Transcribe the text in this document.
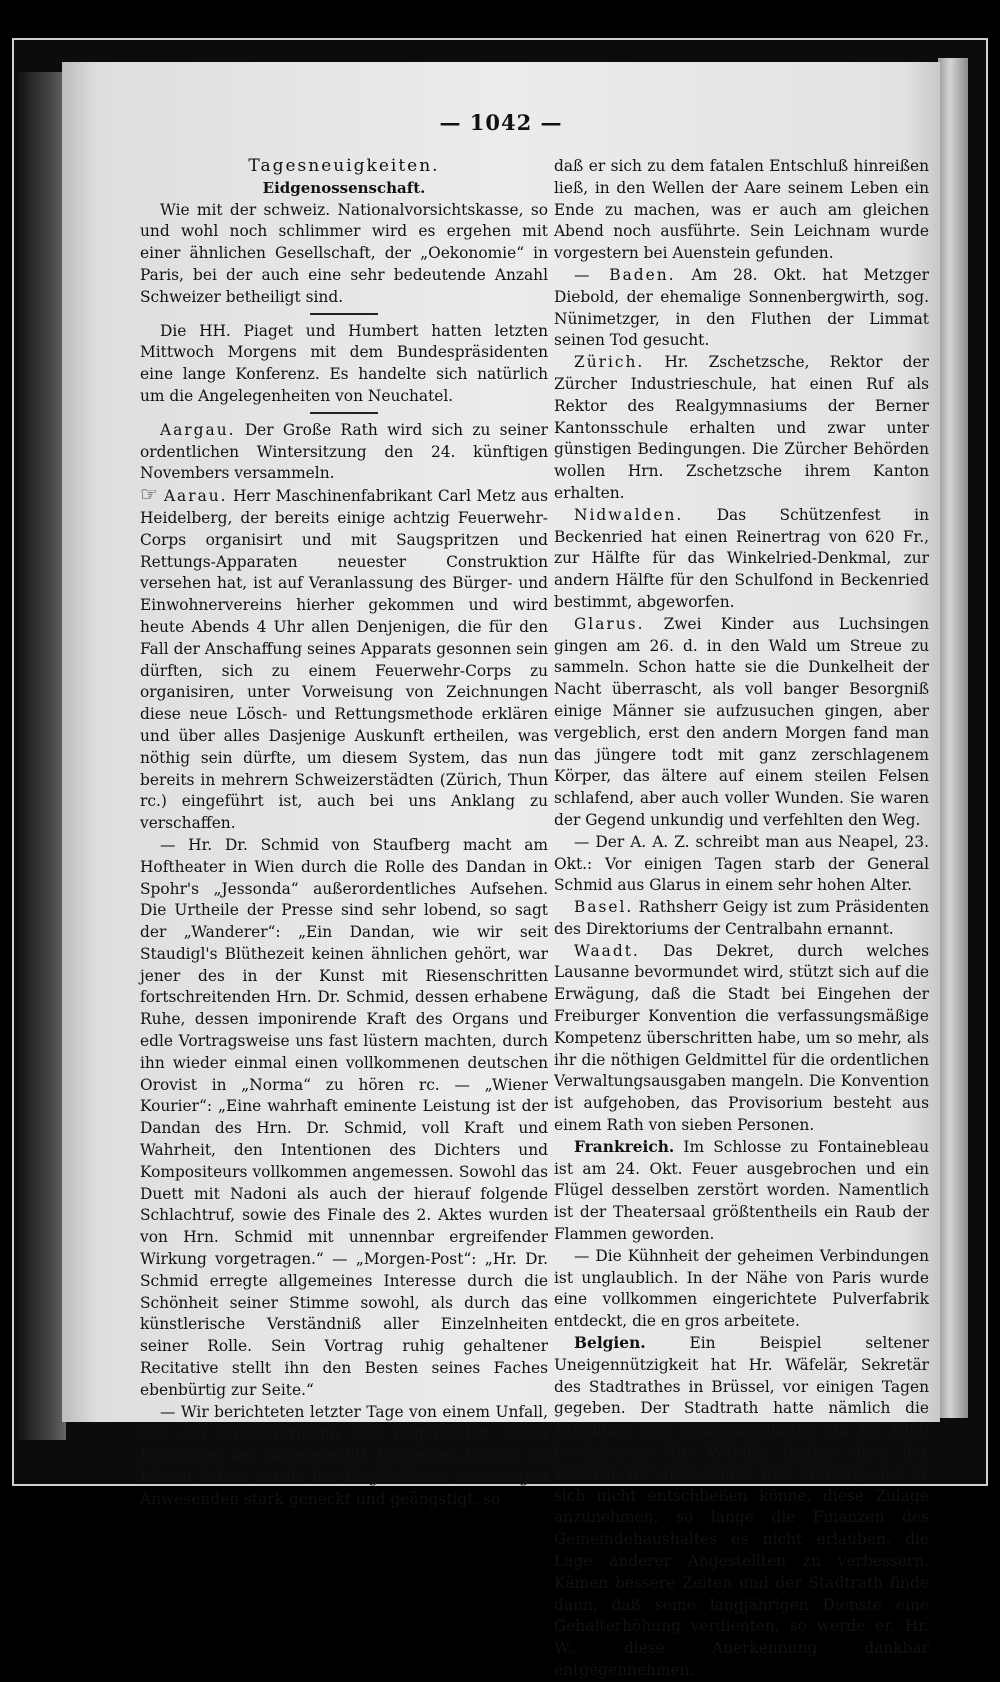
— 1042 —

Tagesneuigkeiten.

Eidgenossenschaft.

Wie mit der schweiz. Nationalvorsichtskasse, so und wohl noch schlimmer wird es ergehen mit einer ähnlichen Gesellschaft, der „Oekonomie“ in Paris, bei der auch eine sehr bedeutende Anzahl Schweizer betheiligt sind.

Die HH. Piaget und Humbert hatten letzten Mittwoch Morgens mit dem Bundespräsidenten eine lange Konferenz. Es handelte sich natürlich um die Angelegenheiten von Neuchatel.

Aargau. Der Große Rath wird sich zu seiner ordentlichen Wintersitzung den 24. künftigen Novembers versammeln.

☞ Aarau. Herr Maschinenfabrikant Carl Metz aus Heidelberg, der bereits einige achtzig Feuerwehr-Corps organisirt und mit Saugspritzen und Rettungs-Apparaten neuester Construktion versehen hat, ist auf Veranlassung des Bürger- und Einwohnervereins hierher gekommen und wird heute Abends 4 Uhr allen Denjenigen, die für den Fall der Anschaffung seines Apparats gesonnen sein dürften, sich zu einem Feuerwehr-Corps zu organisiren, unter Vorweisung von Zeichnungen diese neue Lösch- und Rettungsmethode erklären und über alles Dasjenige Auskunft ertheilen, was nöthig sein dürfte, um diesem System, das nun bereits in mehrern Schweizerstädten (Zürich, Thun rc.) eingeführt ist, auch bei uns Anklang zu verschaffen.

— Hr. Dr. Schmid von Staufberg macht am Hoftheater in Wien durch die Rolle des Dandan in Spohr's „Jessonda“ außerordentliches Aufsehen. Die Urtheile der Presse sind sehr lobend, so sagt der „Wanderer“: „Ein Dandan, wie wir seit Staudigl's Blüthezeit keinen ähnlichen gehört, war jener des in der Kunst mit Riesenschritten fortschreitenden Hrn. Dr. Schmid, dessen erhabene Ruhe, dessen imponirende Kraft des Organs und edle Vortragsweise uns fast lüstern machten, durch ihn wieder einmal einen vollkommenen deutschen Orovist in „Norma“ zu hören rc. — „Wiener Kourier“: „Eine wahrhaft eminente Leistung ist der Dandan des Hrn. Dr. Schmid, voll Kraft und Wahrheit, den Intentionen des Dichters und Kompositeurs vollkommen angemessen. Sowohl das Duett mit Nadoni als auch der hierauf folgende Schlachtruf, sowie des Finale des 2. Aktes wurden von Hrn. Schmid mit unnennbar ergreifender Wirkung vorgetragen.“ — „Morgen-Post“: „Hr. Dr. Schmid erregte allgemeines Interesse durch die Schönheit seiner Stimme sowohl, als durch das künstlerische Verständniß aller Einzelnheiten seiner Rolle. Sein Vortrag ruhig gehaltener Recitative stellt ihn den Besten seines Faches ebenbürtig zur Seite.“

— Wir berichteten letzter Tage von einem Unfall, den ein Suserfuhrmann von Degerfelden durch Umstürzen des Wagens erlitt. Bei seiner Ankunft im Löwen dahier wurde der Unglückliche von einigen Anwesenden stark geneckt und geängstigt, so

daß er sich zu dem fatalen Entschluß hinreißen ließ, in den Wellen der Aare seinem Leben ein Ende zu machen, was er auch am gleichen Abend noch ausführte. Sein Leichnam wurde vorgestern bei Auenstein gefunden.

— Baden. Am 28. Okt. hat Metzger Diebold, der ehemalige Sonnenbergwirth, sog. Nünimetzger, in den Fluthen der Limmat seinen Tod gesucht.

Zürich. Hr. Zschetzsche, Rektor der Zürcher Industrieschule, hat einen Ruf als Rektor des Realgymnasiums der Berner Kantonsschule erhalten und zwar unter günstigen Bedingungen. Die Zürcher Behörden wollen Hrn. Zschetzsche ihrem Kanton erhalten.

Nidwalden. Das Schützenfest in Beckenried hat einen Reinertrag von 620 Fr., zur Hälfte für das Winkelried-Denkmal, zur andern Hälfte für den Schulfond in Beckenried bestimmt, abgeworfen.

Glarus. Zwei Kinder aus Luchsingen gingen am 26. d. in den Wald um Streue zu sammeln. Schon hatte sie die Dunkelheit der Nacht überrascht, als voll banger Besorgniß einige Männer sie aufzusuchen gingen, aber vergeblich, erst den andern Morgen fand man das jüngere todt mit ganz zerschlagenem Körper, das ältere auf einem steilen Felsen schlafend, aber auch voller Wunden. Sie waren der Gegend unkundig und verfehlten den Weg.

— Der A. A. Z. schreibt man aus Neapel, 23. Okt.: Vor einigen Tagen starb der General Schmid aus Glarus in einem sehr hohen Alter.

Basel. Rathsherr Geigy ist zum Präsidenten des Direktoriums der Centralbahn ernannt.

Waadt. Das Dekret, durch welches Lausanne bevormundet wird, stützt sich auf die Erwägung, daß die Stadt bei Eingehen der Freiburger Konvention die verfassungsmäßige Kompetenz überschritten habe, um so mehr, als ihr die nöthigen Geldmittel für die ordentlichen Verwaltungsausgaben mangeln. Die Konvention ist aufgehoben, das Provisorium besteht aus einem Rath von sieben Personen.

Frankreich. Im Schlosse zu Fontainebleau ist am 24. Okt. Feuer ausgebrochen und ein Flügel desselben zerstört worden. Namentlich ist der Theatersaal größtentheils ein Raub der Flammen geworden.

— Die Kühnheit der geheimen Verbindungen ist unglaublich. In der Nähe von Paris wurde eine vollkommen eingerichtete Pulverfabrik entdeckt, die en gros arbeitete.

Belgien.	Ein Beispiel seltener Uneigennützigkeit hat Hr. Wäfelär, Sekretär des Stadtrathes in Brüssel, vor einigen Tagen gegeben. Der Stadtrath hatte nämlich die Erhöhung des Sekretärgehaltes um Fr. 1000 beschlossen; Hr. Wäfelär dankte aber der Behörde für diese Gunst und erklärte, daß er sich nicht entschließen könne, diese Zulage anzunehmen, so lange die Finanzen des Gemeindehaushaltes es nicht erlauben, die Lage anderer Angestellten zu verbessern. Kämen bessere Zeiten und der Stadtrath finde dann, daß seine langjährigen Dienste eine Gehalterhöhung verdienten, so werde er, Hr. W., diese Anerkennung dankbar entgegennehmen.
